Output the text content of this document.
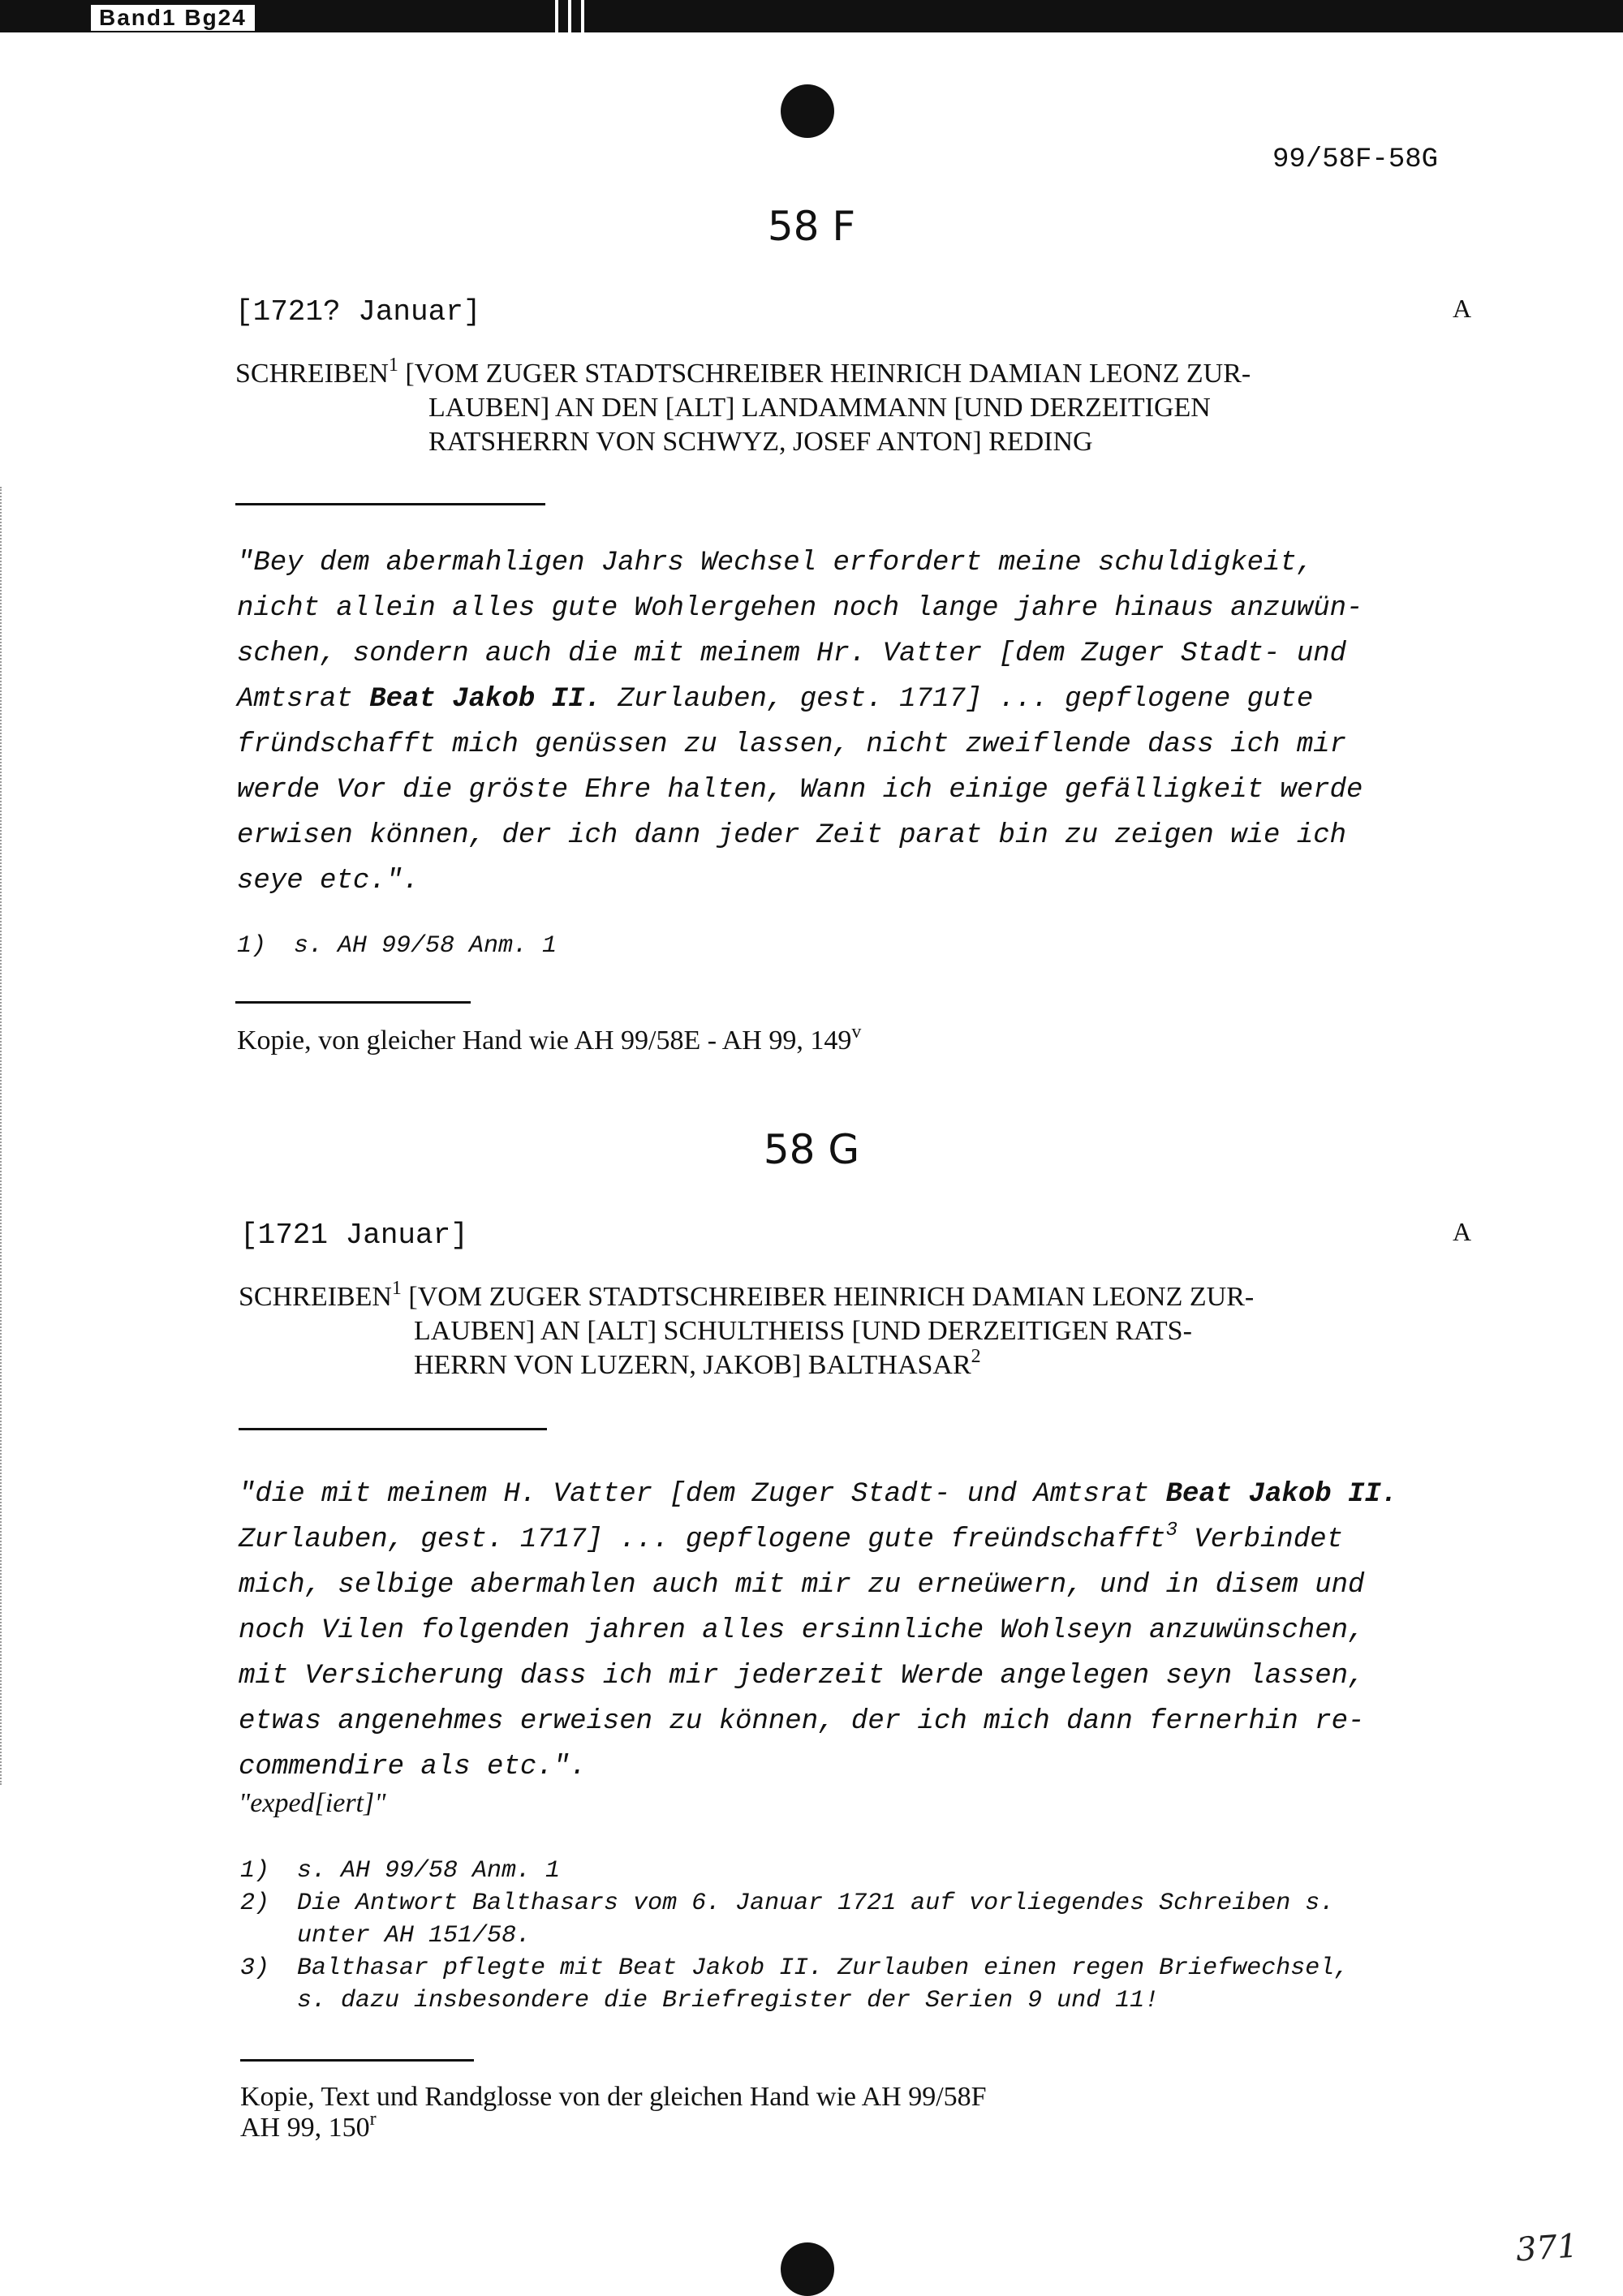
Band1 Bg24
99/58F-58G
58 F
[1721? Januar]	A
SCHREIBEN$^1$ [VOM ZUGER STADTSCHREIBER HEINRICH DAMIAN LEONZ ZUR-
LAUBEN] AN DEN [ALT] LANDAMMANN [UND DERZEITIGEN
RATSHERRN VON SCHWYZ, JOSEF ANTON] REDING
"Bey dem abermahligen Jahrs Wechsel erfordert meine schuldigkeit,
nicht allein alles gute Wohlergehen noch lange jahre hinaus anzuwün-
schen, sondern auch die mit meinem Hr. Vatter [dem Zuger Stadt- und
Amtsrat Beat Jakob II. Zurlauben, gest. 1717] ... gepflogene gute
fründschafft mich genüssen zu lassen, nicht zweiflende dass ich mir
werde Vor die gröste Ehre halten, Wann ich einige gefälligkeit werde
erwisen können, der ich dann jeder Zeit parat bin zu zeigen wie ich
seye etc.".
1) s. AH 99/58 Anm. 1
Kopie, von gleicher Hand wie AH 99/58E - AH 99, 149$^v$
58 G
[1721 Januar]	A
SCHREIBEN$^1$ [VOM ZUGER STADTSCHREIBER HEINRICH DAMIAN LEONZ ZUR-
LAUBEN] AN [ALT] SCHULTHEISS [UND DERZEITIGEN RATS-
HERRN VON LUZERN, JAKOB] BALTHASAR$^2$
"die mit meinem H. Vatter [dem Zuger Stadt- und Amtsrat Beat Jakob II.
Zurlauben, gest. 1717] ... gepflogene gute freündschafft$^3$ Verbindet
mich, selbige abermahlen auch mit mir zu erneüwern, und in disem und
noch Vilen folgenden jahren alles ersinnliche Wohlseyn anzuwünschen,
mit Versicherung dass ich mir jederzeit Werde angelegen seyn lassen,
etwas angenehmes erweisen zu können, der ich mich dann fernerhin re-
commendire als etc.".
"exped[iert]"
1) s. AH 99/58 Anm. 1
2) Die Antwort Balthasars vom 6. Januar 1721 auf vorliegendes Schreiben s.
unter AH 151/58.
3) Balthasar pflegte mit Beat Jakob II. Zurlauben einen regen Briefwechsel,
s. dazu insbesondere die Briefregister der Serien 9 und 11!
Kopie, Text und Randglosse von der gleichen Hand wie AH 99/58F
AH 99, 150$^r$
371
